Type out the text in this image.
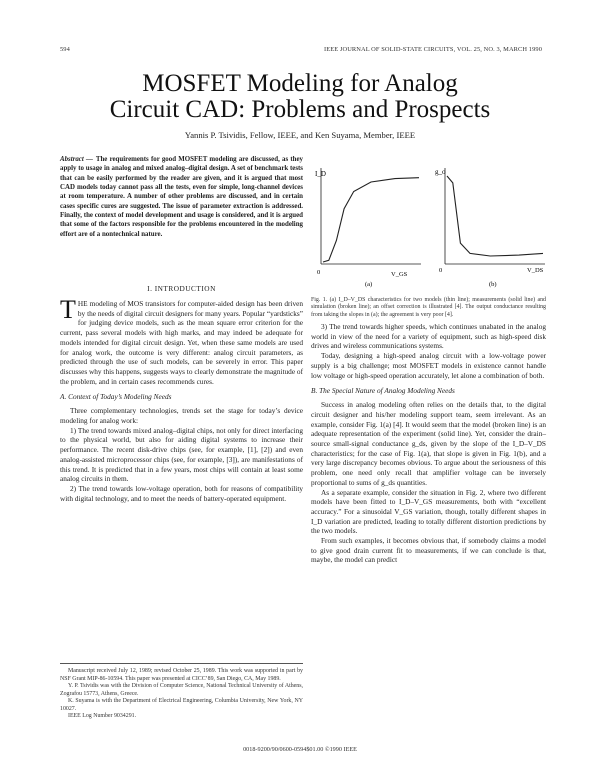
594	IEEE JOURNAL OF SOLID-STATE CIRCUITS, VOL. 25, NO. 3, MARCH 1990
MOSFET Modeling for Analog
Circuit CAD: Problems and Prospects
Yannis P. Tsividis, Fellow, IEEE, and Ken Suyama, Member, IEEE

Abstract — The requirements for good MOSFET modeling are discussed, as they apply to usage in analog and mixed analog–digital design. A set of benchmark tests that can be easily performed by the reader are given, and it is argued that most CAD models today cannot pass all the tests, even for simple, long-channel devices at room temperature. A number of other problems are discussed, and in certain cases specific cures are suggested. The issue of parameter extraction is addressed. Finally, the context of model development and usage is considered, and it is argued that some of the factors responsible for the problems encountered in the modeling effort are of a nontechnical nature.

I. INTRODUCTION

THE modeling of MOS transistors for computer-aided design has been driven by the needs of digital circuit designers for many years. Popular “yardsticks” for judging device models, such as the mean square error criterion for the current, pass several models with high marks, and may indeed be adequate for models intended for digital circuit design. Yet, when these same models are used for analog work, the outcome is very different: analog circuit parameters, as predicted through the use of such models, can be severely in error. This paper discusses why this happens, suggests ways to clearly demonstrate the magnitude of the problem, and in certain cases recommends cures.

A. Context of Today’s Modeling Needs

Three complementary technologies, trends set the stage for today’s device modeling for analog work:

1) The trend towards mixed analog–digital chips, not only for direct interfacing to the physical world, but also for aiding digital systems to increase their performance. The recent disk-drive chips (see, for example, [1], [2]) and even analog-assisted microprocessor chips (see, for example, [3]), are manifestations of this trend. It is predicted that in a few years, most chips will contain at least some analog circuits in them.

2) The trend towards low-voltage operation, both for reasons of compatibility with digital technology, and to meet the needs of battery-operated equipment.

Manuscript received July 12, 1989; revised October 25, 1989. This work was supported in part by NSF Grant MIP-86-10594. This paper was presented at CICC’89, San Diego, CA, May 1989.

Y. P. Tsividis was with the Division of Computer Science, National Technical University of Athens, Zografou 15773, Athens, Greece.

K. Suyama is with the Department of Electrical Engineering, Columbia University, New York, NY 10027.

IEEE Log Number 9034291.

I_D
V_GS
0
(a)
g_o
V_DS
0
(b)

Fig. 1. (a) I_D–V_DS characteristics for two models (thin line); measurements (solid line) and simulation (broken line); an offset correction is illustrated [4]. The output conductance resulting from taking the slopes in (a); the agreement is very poor [4].

3) The trend towards higher speeds, which continues unabated in the analog world in view of the need for a variety of equipment, such as high-speed disk drives and wireless communications systems.

Today, designing a high-speed analog circuit with a low-voltage power supply is a big challenge; most MOSFET models in existence cannot handle low voltage or high-speed operation accurately, let alone a combination of both.

B. The Special Nature of Analog Modeling Needs

Success in analog modeling often relies on the details that, to the digital circuit designer and his/her modeling support team, seem irrelevant. As an example, consider Fig. 1(a) [4]. It would seem that the model (broken line) is an adequate representation of the experiment (solid line). Yet, consider the drain–source small-signal conductance g_ds, given by the slope of the I_D–V_DS characteristics; for the case of Fig. 1(a), that slope is given in Fig. 1(b), and a very large discrepancy becomes obvious. To argue about the seriousness of this problem, one need only recall that amplifier voltage can be inversely proportional to sums of g_ds quantities.

As a separate example, consider the situation in Fig. 2, where two different models have been fitted to I_D–V_GS measurements, both with “excellent accuracy.” For a sinusoidal V_GS variation, though, totally different shapes in I_D variation are predicted, leading to totally different distortion predictions by the two models.

From such examples, it becomes obvious that, if somebody claims a model to give good drain current fit to measurements, if we can conclude is that, maybe, the model can predict

0018-9200/90/0600-0594$01.00 ©1990 IEEE
